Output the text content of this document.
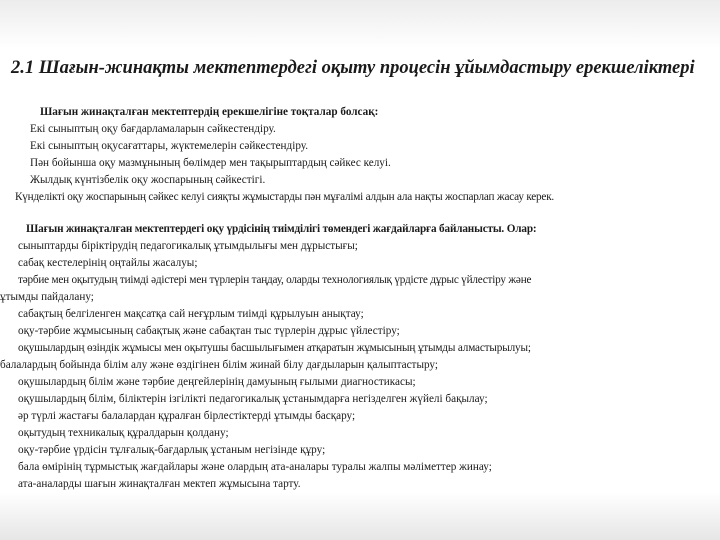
2.1 Шағын-жинақты мектептердегі оқыту процесін ұйымдастыру ерекшеліктері

Шағын жинақталған мектептердің ерекшелігіне тоқталар болсақ:

Екі сыныптың оқу бағдарламаларын сәйкестендіру.

Екі сыныптың оқусағаттары, жүктемелерін сәйкестендіру.

Пән бойынша оқу мазмұнының бөлімдер мен тақырыптардың сәйкес келуі.

Жылдық күнтізбелік оқу жоспарының сәйкестігі.

Күнделікті оқу жоспарының сәйкес келуі сияқты жұмыстарды пән мұғалімі алдын ала нақты жоспарлап жасау керек.

Шағын жинақталған мектептердегі оқу үрдісінің тиімділігі төмендегі жағдайларға байланысты. Олар:

сыныптарды біріктірудің педагогикалық ұтымдылығы мен дұрыстығы;

сабақ кестелерінің оңтайлы жасалуы;

тәрбие мен оқытудың тиімді әдістері мен түрлерін таңдау, оларды технологиялық үрдісте дұрыс үйлестіру және

ұтымды пайдалану;

сабақтың белгіленген мақсатқа сай неғұрлым тиімді құрылуын анықтау;

оқу-тәрбие жұмысының сабақтық және сабақтан тыс түрлерін дұрыс үйлестіру;

оқушылардың өзіндік жұмысы мен оқытушы басшылығымен атқаратын жұмысының ұтымды алмастырылуы;

балалардың бойында білім алу және өздігінен білім жинай білу дағдыларын қалыптастыру;

оқушылардың білім және тәрбие деңгейлерінің дамуының ғылыми диагностикасы;

оқушылардың білім, біліктерін ізгілікті педагогикалық ұстанымдарға негізделген жүйелі бақылау;

әр түрлі жастағы балалардан құралған бірлестіктерді ұтымды басқару;

оқытудың техникалық құралдарын қолдану;

оқу-тәрбие үрдісін тұлғалық-бағдарлық ұстаным негізінде құру;

бала өмірінің тұрмыстық жағдайлары және олардың ата-аналары туралы жалпы мәліметтер жинау;

ата-аналарды шағын жинақталған мектеп жұмысына тарту.
